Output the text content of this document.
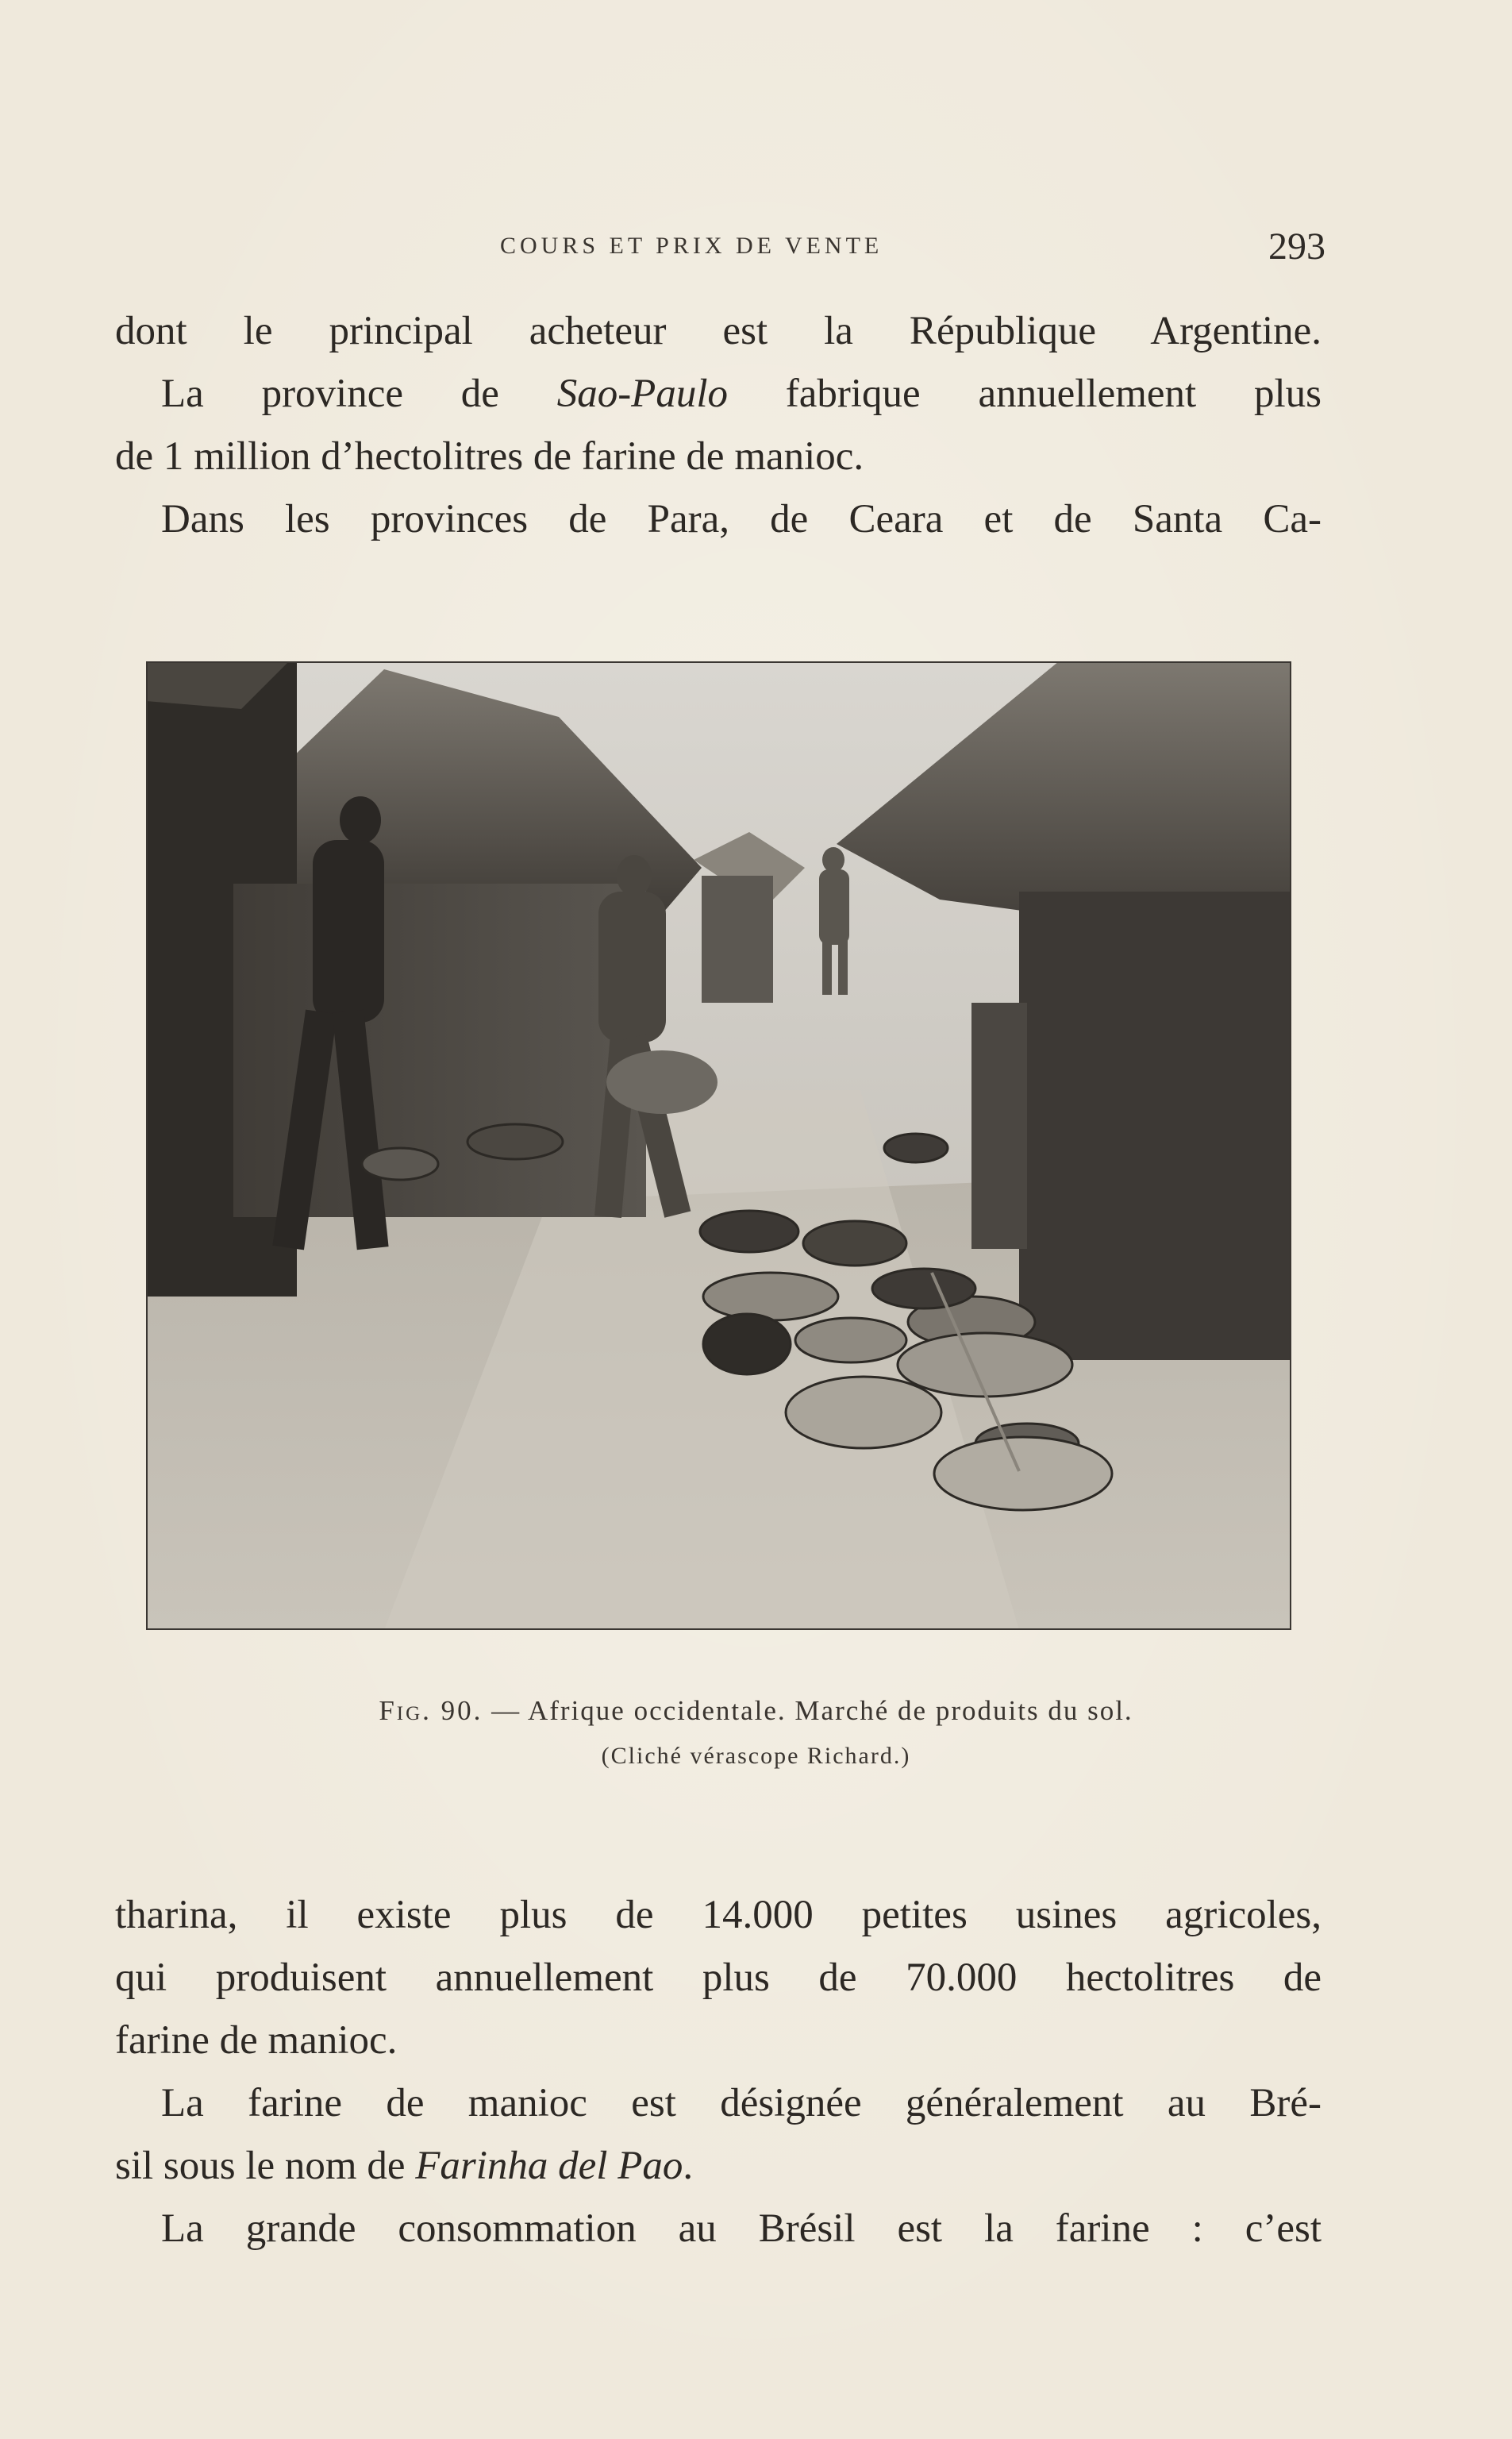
COURS ET PRIX DE VENTE	293

dont le principal acheteur est la République Argentine.

La province de Sao-Paulo fabrique annuellement plus

de 1 million d’hectolitres de farine de manioc.

Dans les provinces de Para, de Ceara et de Santa Ca-

Fig. 90. — Afrique occidentale. Marché de produits du sol.
(Cliché vérascope Richard.)

tharina, il existe plus de 14.000 petites usines agricoles,

qui produisent annuellement plus de 70.000 hectolitres de

farine de manioc.

La farine de manioc est désignée généralement au Bré-

sil sous le nom de Farinha del Pao.

La grande consommation au Brésil est la farine : c’est
